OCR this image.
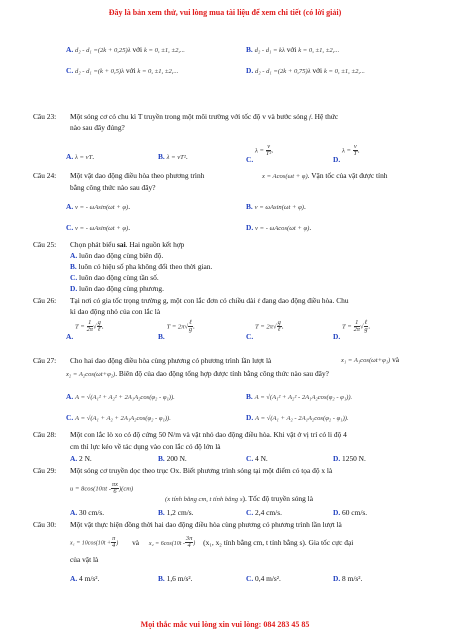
Đây là bản xem thử, vui lòng mua tài liệu để xem chi tiết (có lời giải)
A. d₂ - d₁ =(2k + 0,25)λ với k = 0, ±1, ±2,...	B. d₂ - d₁ = kλ với k = 0, ±1, ±2,...
C. d₂ - d₁ =(k + 0,5)λ với k = 0, ±1, ±2,...	D. d₂ - d₁ =(2k + 0,75)λ với k = 0, ±1, ±2,...
Câu 23: Một sóng cơ có chu kì T truyền trong một môi trường với tốc độ v và bước sóng f. Hệ thức
nào sau đây đúng?
A. λ = vT.	B. λ = vT².	C. $\lambda = \frac{v}{\text{T²}}$ .
D. $\lambda = \frac{v}{T}$ .
Câu 24: Một vật dao động điều hòa theo phương trình	x = Acos(ωt + φ). Vận tốc của vật được tính
bằng công thức nào sau đây?
A. v = - ωAsin(ωt + φ).	B. v = ωAsin(ωt + φ).
C. v = - ωAsin(ωt + φ).	D. v = - ωAcos(ωt + φ).
Câu 25: Chọn phát biểu sai. Hai nguồn kết hợp
A. luôn dao động cùng biên độ.
B. luôn có hiệu số pha không đổi theo thời gian.
C. luôn dao động cùng tần số.
D. luôn dao động cùng phương.
Câu 26: Tại nơi có gia tốc trọng trường g, một con lắc đơn có chiều dài ℓ đang dao động điều hòa. Chu
kì dao động nhỏ của con lắc là
A. $T = \frac{1}{2\pi}$ √ $\frac{g}{\text{ℓ}}$ .
B. $T = 2\pi√ \frac{\text{ℓ}}{g}$ .
C. $T = 2\pi√ \frac{g}{\text{ℓ}}$ .
D. $T = \frac{1}{2\pi}$ √ $\frac{\text{ℓ}}{g}$ .
Câu 27: Cho hai dao động điều hòa cùng phương có phương trình lần lượt là	x₁ = A₁cos(ωt+φ₁) và
x₂ = A₂cos(ωt+φ₂). Biên độ của dao động tổng hợp được tính bằng công thức nào sau đây?
A. A = √(A₁² + A₂² + 2A₁A₂cos(φ₂ - φ₁)).	B. A = √(A₁² + A₂² - 2A₁A₂cos(φ₂ - φ₁)).
C. A = √(A₁ + A₂ + 2A₁A₂cos(φ₂ - φ₁)).	D. A = √(A₁ + A₂ - 2A₁A₂cos(φ₂ - φ₁)).
Câu 28: Một con lắc lò xo có độ cứng 50 N/m và vật nhỏ dao động điều hòa. Khi vật ở vị trí có li độ 4
cm thì lực kéo về tác dụng vào con lắc có độ lớn là
A. 2 N.	B. 200 N.	C. 4 N.	D. 1250 N.
Câu 29: Một sóng cơ truyền dọc theo trục Ox. Biết phương trình sóng tại một điểm có tọa độ x là
$u = 8\cos(10\pi t - \frac{\pi x}{6} )(cm)$
(x tính bằng cm, t tính bằng s). Tốc độ truyền sóng là
A. 30 cm/s.	B. 1,2 cm/s.	C. 2,4 cm/s.	D. 60 cm/s.
Câu 30: Một vật thực hiện đồng thời hai dao động điều hòa cùng phương có phương trình lần lượt là
$x_1 = 10\cos(10t + \frac{\pi}{4}$ ) và $x_2 = 6\cos(10t - \frac{3\pi}{4}$ ) (x₁, x₂ tính bằng cm, t tính bằng s). Gia tốc cực đại
của vật là
A. 4 m/s².	B. 1,6 m/s².	C. 0,4 m/s².	D. 8 m/s².
Mọi thắc mắc vui lòng xin vui lòng: 084 283 45 85
